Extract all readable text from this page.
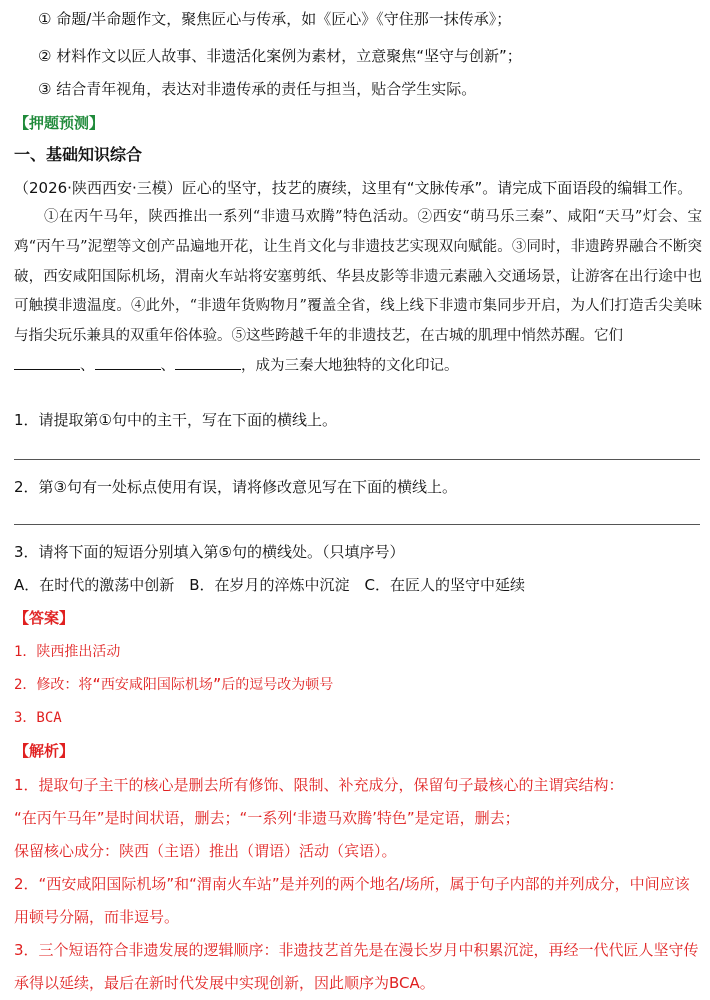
① 命题/半命题作文，聚焦匠心与传承，如《匠心》《守住那一抹传承》；
② 材料作文以匠人故事、非遗活化案例为素材，立意聚焦“坚守与创新”；
③ 结合青年视角，表达对非遗传承的责任与担当，贴合学生实际。
【押题预测】
一、基础知识综合
（2026·陕西西安·三模）匠心的坚守，技艺的赓续，这里有“文脉传承”。请完成下面语段的编辑工作。

①在丙午马年，陕西推出一系列“非遗马欢腾”特色活动。②西安“萌马乐三秦”、咸阳“天马”灯会、宝鸡“丙午马”泥塑等文创产品遍地开花，让生肖文化与非遗技艺实现双向赋能。③同时，非遗跨界融合不断突破，西安咸阳国际机场，渭南火车站将安塞剪纸、华县皮影等非遗元素融入交通场景，让游客在出行途中也可触摸非遗温度。④此外，“非遗年货购物月”覆盖全省，线上线下非遗市集同步开启，为人们打造舌尖美味与指尖玩乐兼具的双重年俗体验。⑤这些跨越千年的非遗技艺，在古城的肌理中悄然苏醒。它们

、	、	，成为三秦大地独特的文化印记。

1．请提取第①句中的主干，写在下面的横线上。
2．第③句有一处标点使用有误，请将修改意见写在下面的横线上。
3．请将下面的短语分别填入第⑤句的横线处。（只填序号）
A．在时代的激荡中创新　B．在岁月的淬炼中沉淀　C．在匠人的坚守中延续
【答案】
1．陕西推出活动
2．修改：将“西安咸阳国际机场”后的逗号改为顿号
3．BCA
【解析】
1．提取句子主干的核心是删去所有修饰、限制、补充成分，保留句子最核心的主谓宾结构：
“在丙午马年”是时间状语，删去；“一系列‘非遗马欢腾’特色”是定语，删去；
保留核心成分：陕西（主语）推出（谓语）活动（宾语）。

2．“西安咸阳国际机场”和“渭南火车站”是并列的两个地名/场所，属于句子内部的并列成分，中间应该用顿号分隔，而非逗号。

3．三个短语符合非遗发展的逻辑顺序：非遗技艺首先是在漫长岁月中积累沉淀，再经一代代匠人坚守传承得以延续，最后在新时代发展中实现创新，因此顺序为BCA。
